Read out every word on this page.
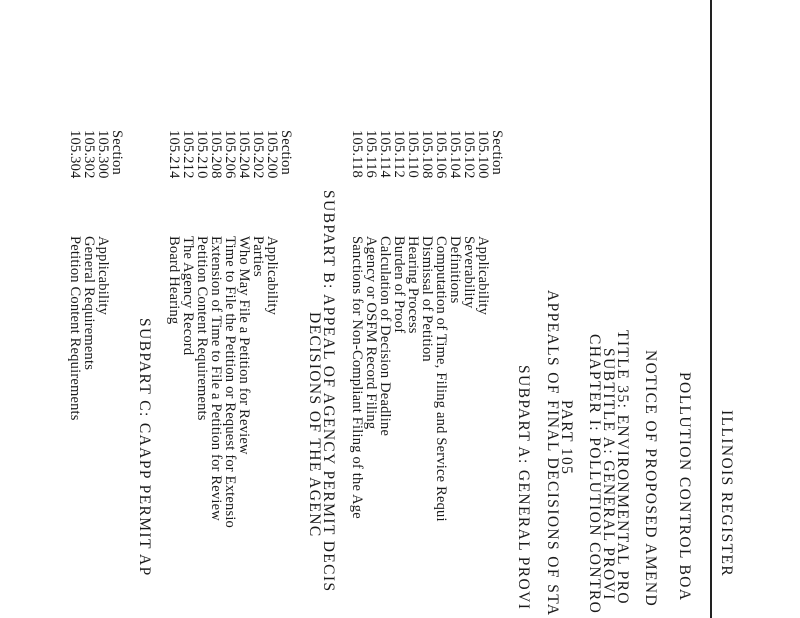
ILLINOIS REGISTER
POLLUTION CONTROL BOA
NOTICE OF PROPOSED AMEND
TITLE 35: ENVIRONMENTAL PRO
SUBTITLE A: GENERAL PROVI
CHAPTER I: POLLUTION CONTRO
PART 105
APPEALS OF FINAL DECISIONS OF STA
SUBPART A: GENERAL PROVI
Section
105.100
Applicability
105.102
Severability
105.104
Definitions
105.106
Computation of Time, Filing and Service Requi
105.108
Dismissal of Petition
105.110
Hearing Process
105.112
Burden of Proof
105.114
Calculation of Decision Deadline
105.116
Agency or OSFM Record Filing
105.118
Sanctions for Non-Compliant Filing of the Age
SUBPART B: APPEAL OF AGENCY PERMIT DECIS
DECISIONS OF THE AGENC
Section
105.200
Applicability
105.202
Parties
105.204
Who May File a Petition for Review
105.206
Time to File the Petition or Request for Extensio
105.208
Extension of Time to File a Petition for Review
105.210
Petition Content Requirements
105.212
The Agency Record
105.214
Board Hearing
SUBPART C: CAAPP PERMIT AP
Section
105.300
Applicability
105.302
General Requirements
105.304
Petition Content Requirements
